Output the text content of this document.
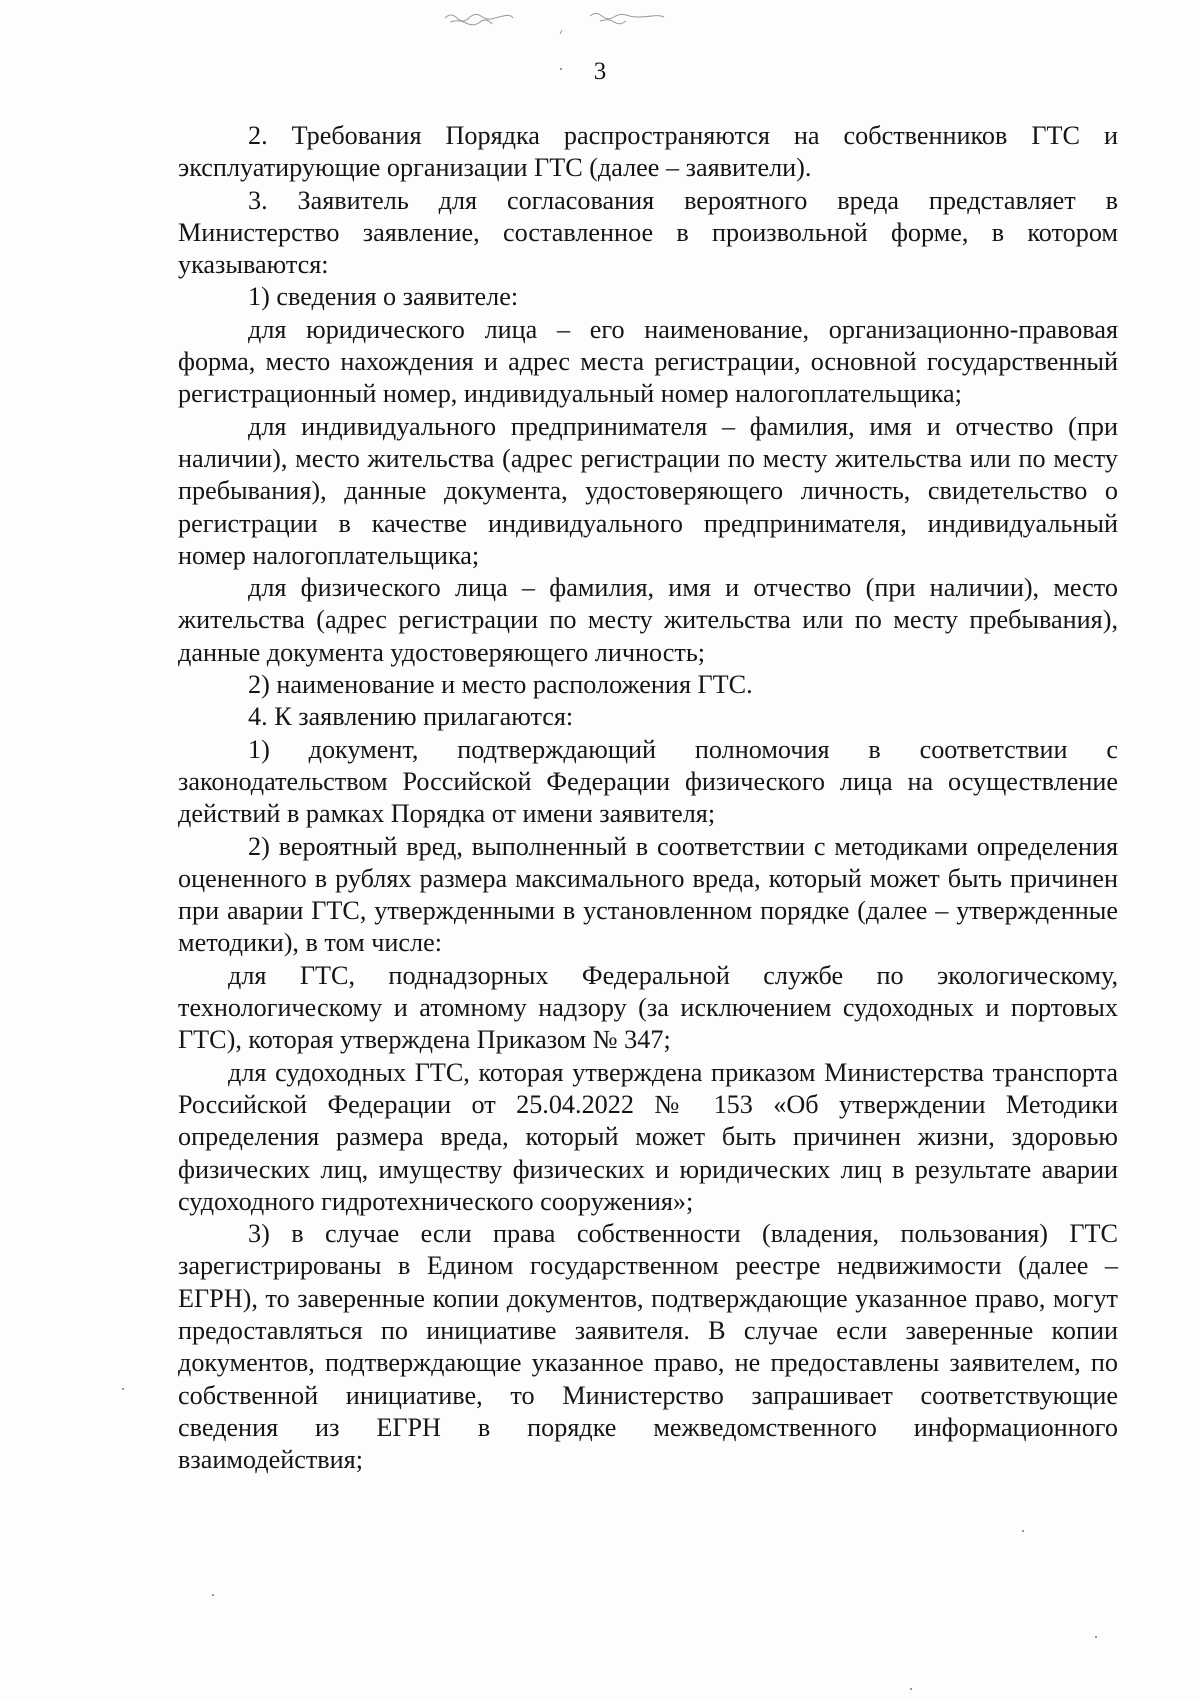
3

2. Требования Порядка распространяются на собственников ГТС и эксплуатирующие организации ГТС (далее – заявители).

3. Заявитель для согласования вероятного вреда представляет в Министерство заявление, составленное в произвольной форме, в котором указываются:

1) сведения о заявителе:

для юридического лица – его наименование, организационно-правовая форма, место нахождения и адрес места регистрации, основной государственный регистрационный номер, индивидуальный номер налогоплательщика;

для индивидуального предпринимателя – фамилия, имя и отчество (при наличии), место жительства (адрес регистрации по месту жительства или по месту пребывания), данные документа, удостоверяющего личность, свидетельство о регистрации в качестве индивидуального предпринимателя, индивидуальный номер налогоплательщика;

для физического лица – фамилия, имя и отчество (при наличии), место жительства (адрес регистрации по месту жительства или по месту пребывания), данные документа удостоверяющего личность;

2) наименование и место расположения ГТС.

4. К заявлению прилагаются:

1) документ, подтверждающий полномочия в соответствии с законодательством Российской Федерации физического лица на осуществление действий в рамках Порядка от имени заявителя;

2) вероятный вред, выполненный в соответствии с методиками определения оцененного в рублях размера максимального вреда, который может быть причинен при аварии ГТС, утвержденными в установленном порядке (далее – утвержденные методики), в том числе:

для ГТС, поднадзорных Федеральной службе по экологическому, технологическому и атомному надзору (за исключением судоходных и портовых ГТС), которая утверждена Приказом № 347;

для судоходных ГТС, которая утверждена приказом Министерства транспорта Российской Федерации от 25.04.2022 № 153 «Об утверждении Методики определения размера вреда, который может быть причинен жизни, здоровью физических лиц, имуществу физических и юридических лиц в результате аварии судоходного гидротехнического сооружения»;

3) в случае если права собственности (владения, пользования) ГТС зарегистрированы в Едином государственном реестре недвижимости (далее – ЕГРН), то заверенные копии документов, подтверждающие указанное право, могут предоставляться по инициативе заявителя. В случае если заверенные копии документов, подтверждающие указанное право, не предоставлены заявителем, по собственной инициативе, то Министерство запрашивает соответствующие сведения из ЕГРН в порядке межведомственного информационного взаимодействия;
